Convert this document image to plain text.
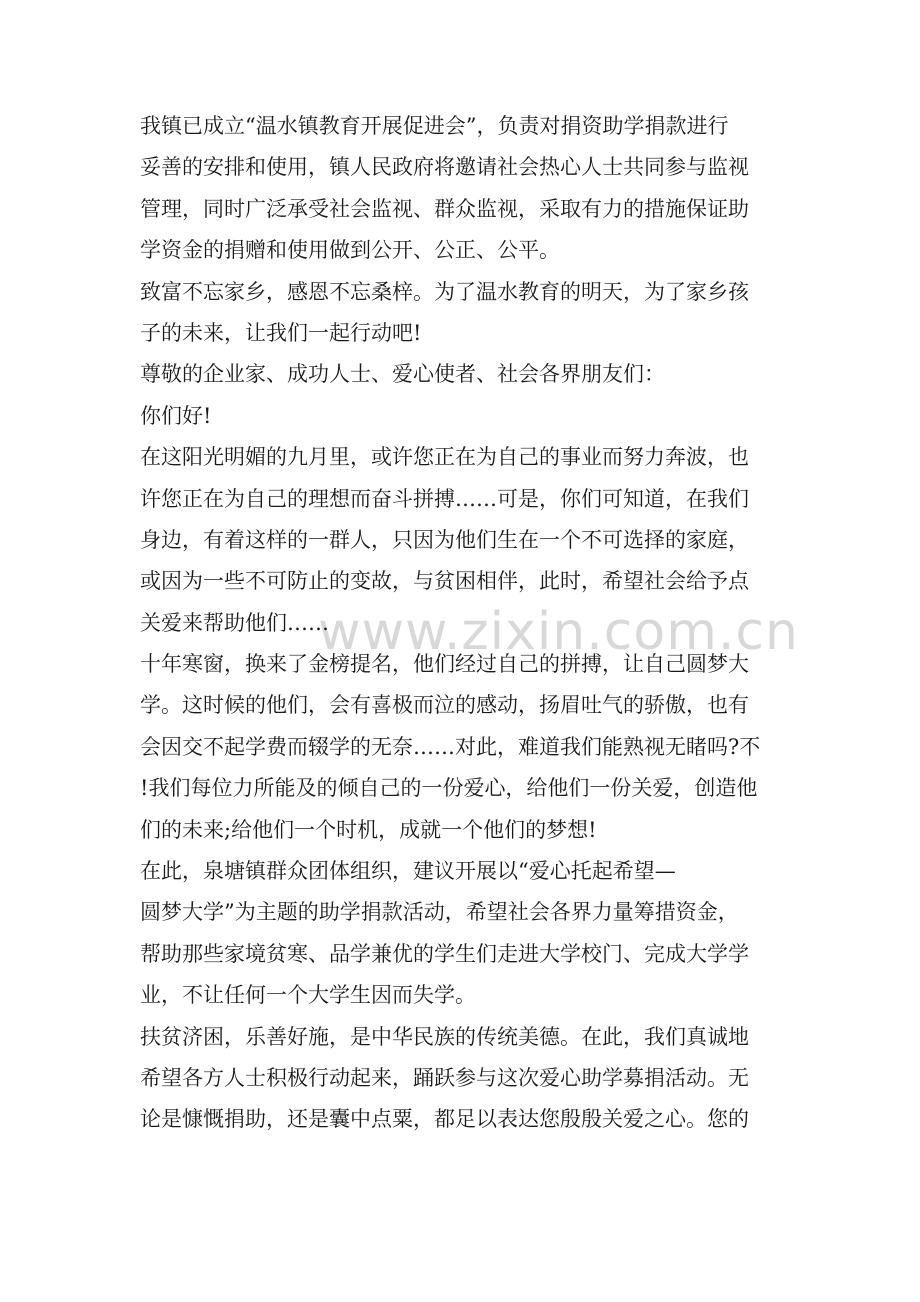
www.zixin.com.cn
我镇已成立“温水镇教育开展促进会”，负责对捐资助学捐款进行
妥善的安排和使用，镇人民政府将邀请社会热心人士共同参与监视
管理，同时广泛承受社会监视、群众监视，采取有力的措施保证助
学资金的捐赠和使用做到公开、公正、公平。
致富不忘家乡，感恩不忘桑梓。为了温水教育的明天，为了家乡孩
子的未来，让我们一起行动吧!
尊敬的企业家、成功人士、爱心使者、社会各界朋友们：
你们好!
在这阳光明媚的九月里，或许您正在为自己的事业而努力奔波，也
许您正在为自己的理想而奋斗拼搏……可是，你们可知道，在我们
身边，有着这样的一群人，只因为他们生在一个不可选择的家庭，
或因为一些不可防止的变故，与贫困相伴，此时，希望社会给予点
关爱来帮助他们……
十年寒窗，换来了金榜提名，他们经过自己的拼搏，让自己圆梦大
学。这时候的他们，会有喜极而泣的感动，扬眉吐气的骄傲，也有
会因交不起学费而辍学的无奈……对此，难道我们能熟视无睹吗?不
!我们每位力所能及的倾自己的一份爱心，给他们一份关爱，创造他
们的未来;给他们一个时机，成就一个他们的梦想!
在此，泉塘镇群众团体组织，建议开展以“爱心托起希望—
圆梦大学”为主题的助学捐款活动，希望社会各界力量筹措资金，
帮助那些家境贫寒、品学兼优的学生们走进大学校门、完成大学学
业，不让任何一个大学生因而失学。
扶贫济困，乐善好施，是中华民族的传统美德。在此，我们真诚地
希望各方人士积极行动起来，踊跃参与这次爱心助学募捐活动。无
论是慷慨捐助，还是囊中点粟，都足以表达您殷殷关爱之心。您的
